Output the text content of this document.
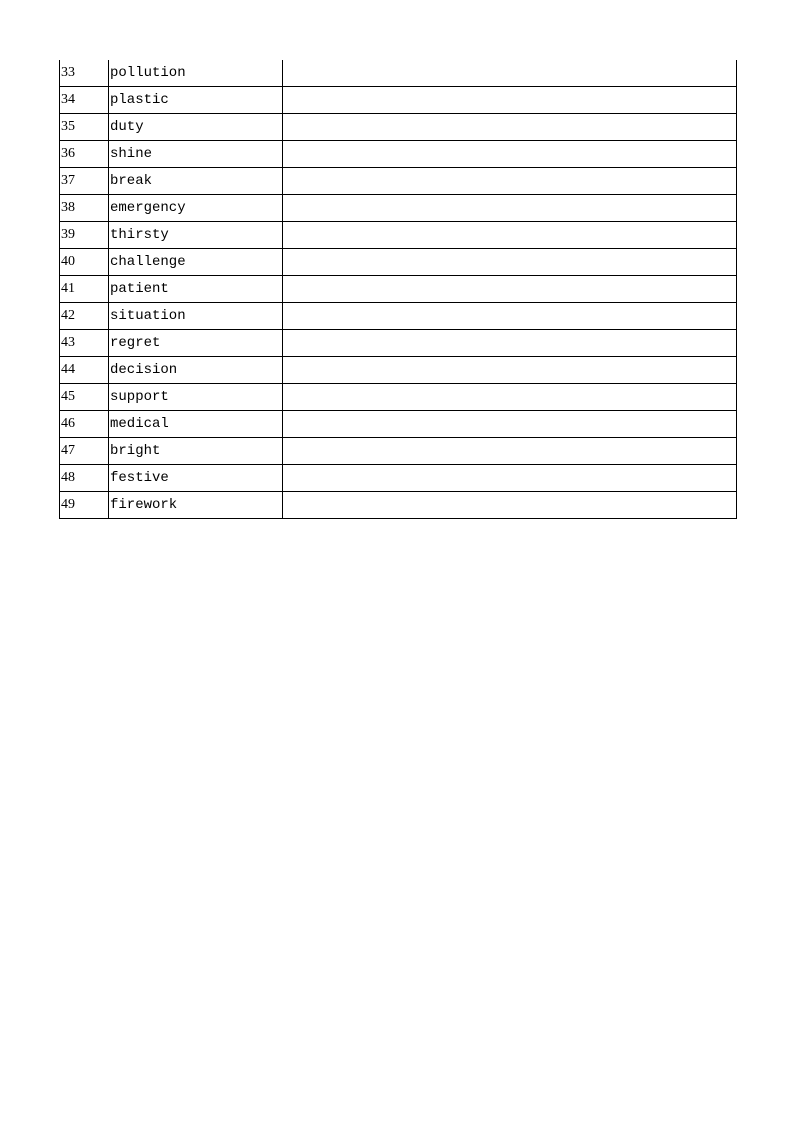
33	pollution	
34	plastic	
35	duty	
36	shine	
37	break	
38	emergency	
39	thirsty	
40	challenge	
41	patient	
42	situation	
43	regret	
44	decision	
45	support	
46	medical	
47	bright	
48	festive	
49	firework	
